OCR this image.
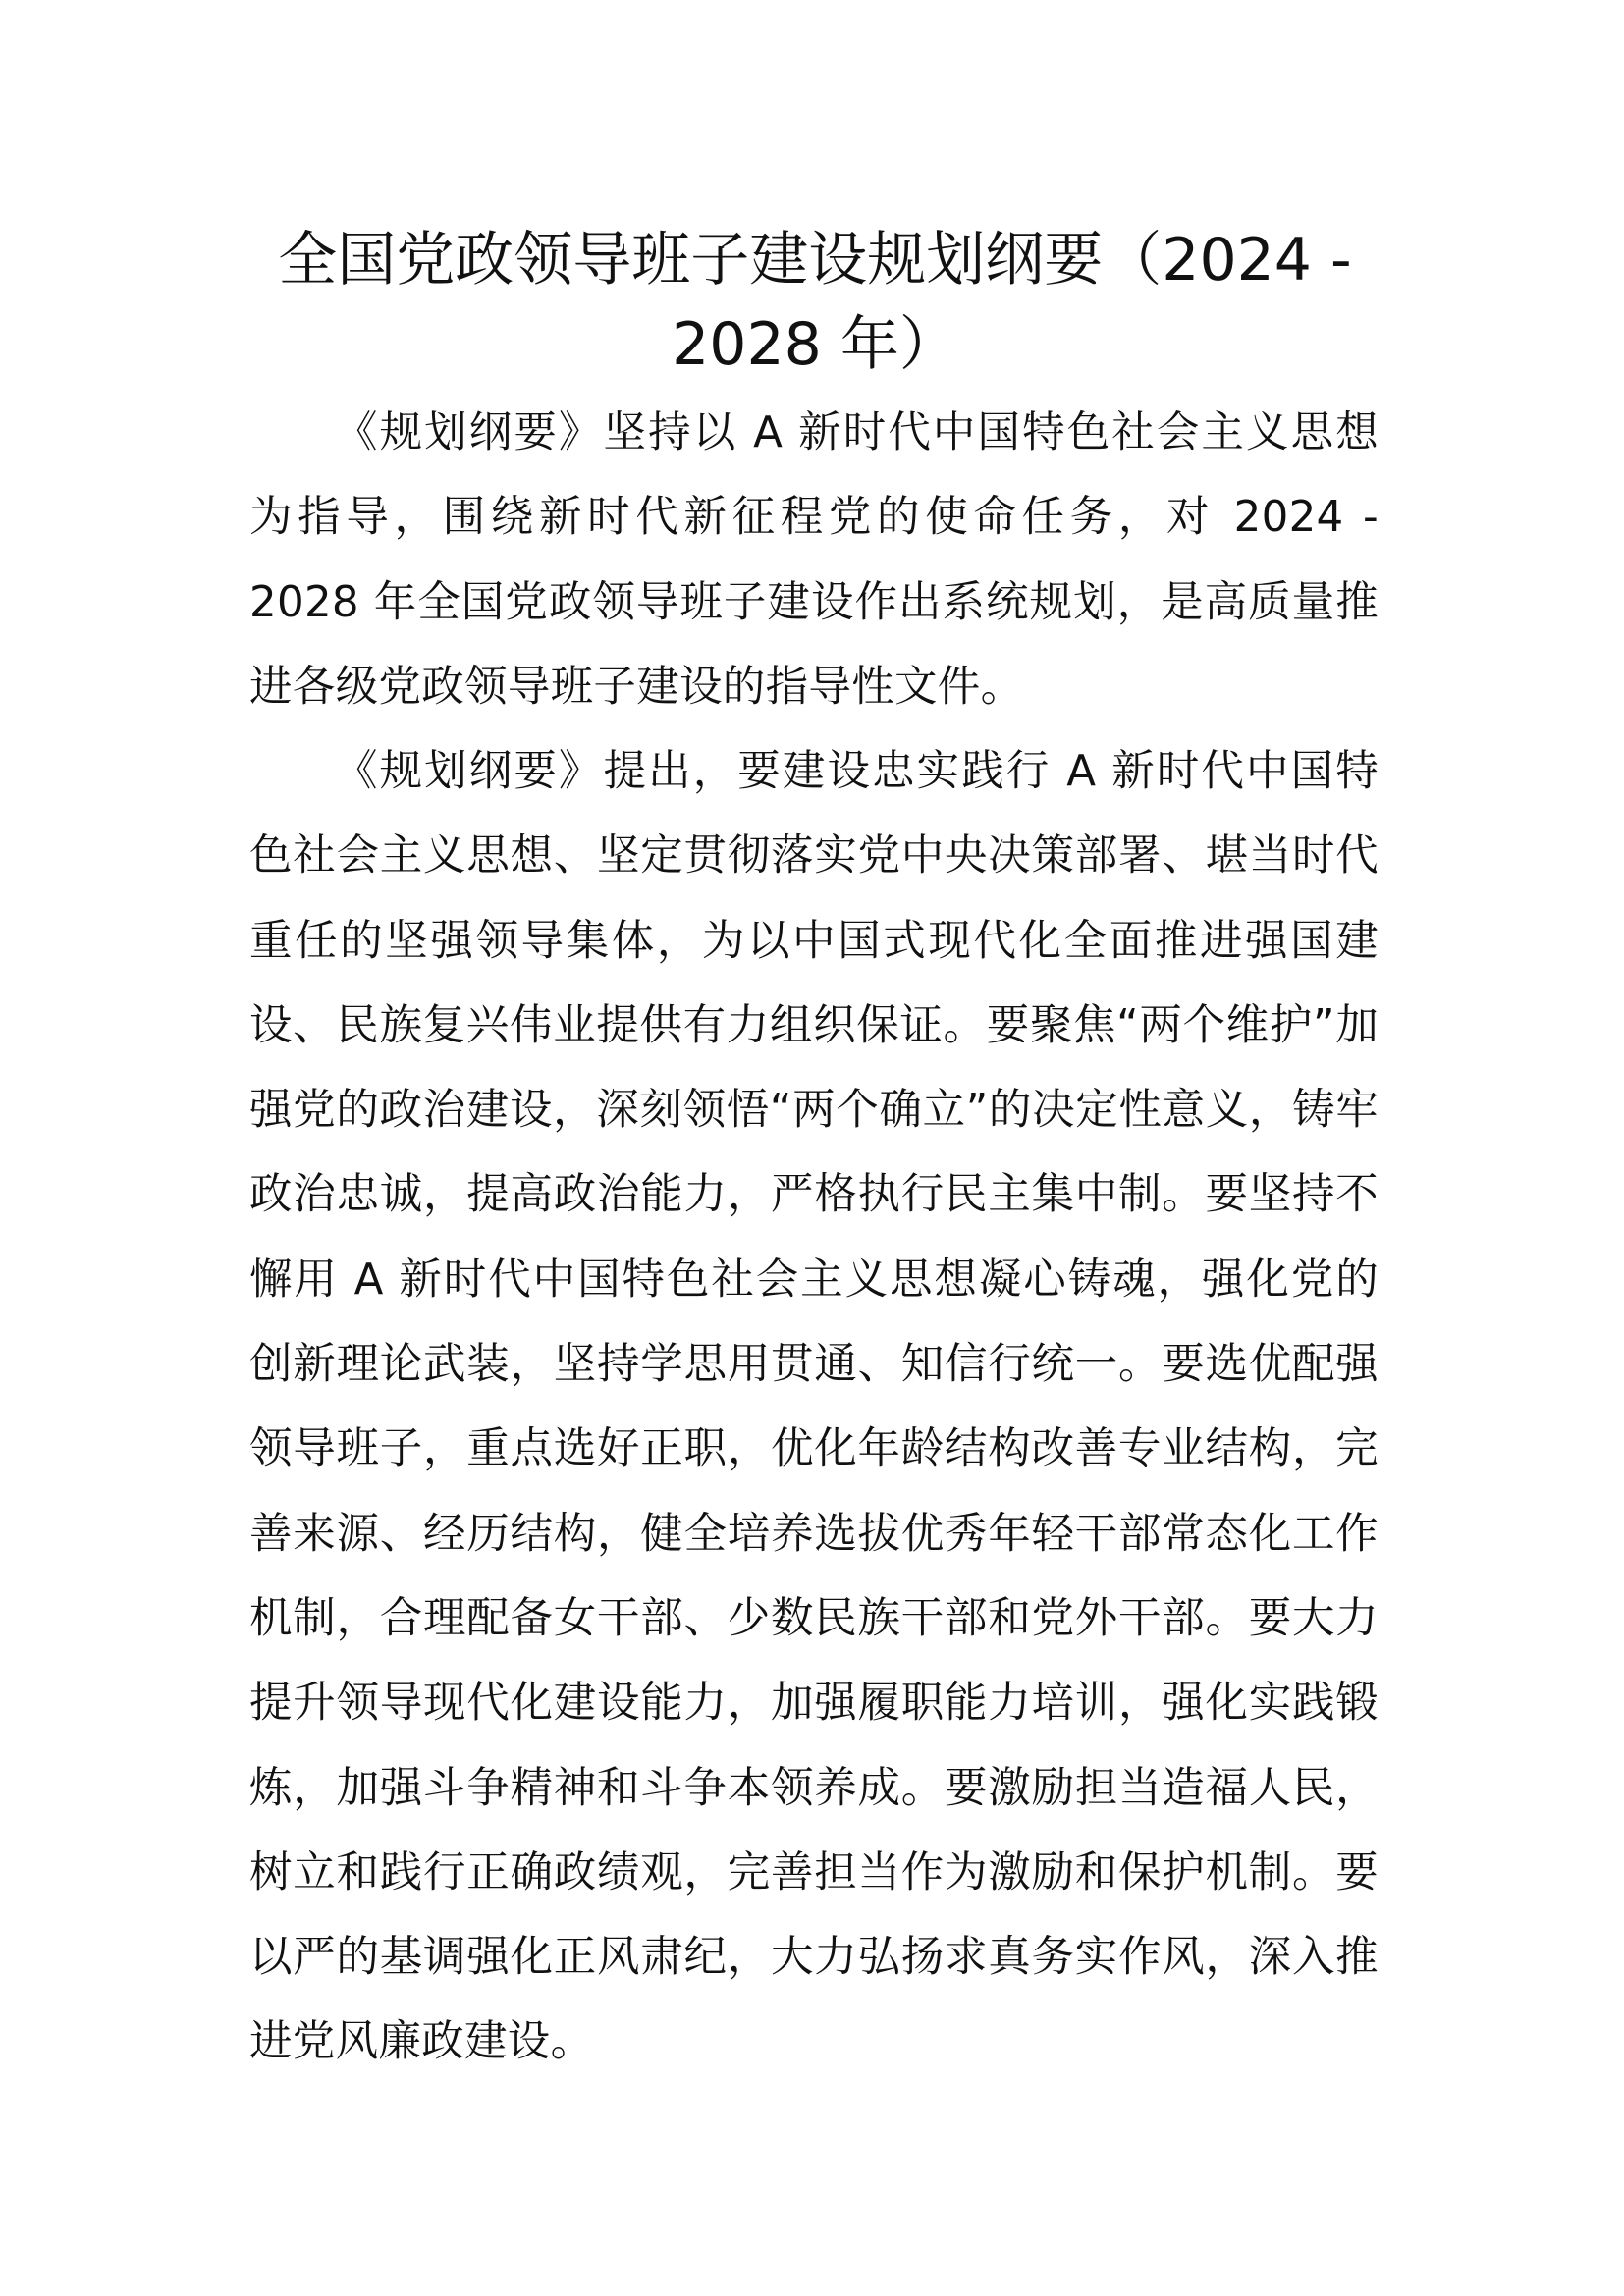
全国党政领导班子建设规划纲要（2024 - 2028 年）

《规划纲要》坚持以 A 新时代中国特色社会主义思想为指导，围绕新时代新征程党的使命任务，对 2024 - 2028 年全国党政领导班子建设作出系统规划，是高质量推进各级党政领导班子建设的指导性文件。

《规划纲要》提出，要建设忠实践行 A 新时代中国特色社会主义思想、坚定贯彻落实党中央决策部署、堪当时代重任的坚强领导集体，为以中国式现代化全面推进强国建设、民族复兴伟业提供有力组织保证。要聚焦“两个维护”加强党的政治建设，深刻领悟“两个确立”的决定性意义，铸牢政治忠诚，提高政治能力，严格执行民主集中制。要坚持不懈用 A 新时代中国特色社会主义思想凝心铸魂，强化党的创新理论武装，坚持学思用贯通、知信行统一。要选优配强领导班子，重点选好正职，优化年龄结构改善专业结构，完善来源、经历结构，健全培养选拔优秀年轻干部常态化工作机制，合理配备女干部、少数民族干部和党外干部。要大力提升领导现代化建设能力，加强履职能力培训，强化实践锻炼，加强斗争精神和斗争本领养成。要激励担当造福人民，树立和践行正确政绩观，完善担当作为激励和保护机制。要以严的基调强化正风肃纪，大力弘扬求真务实作风，深入推进党风廉政建设。
